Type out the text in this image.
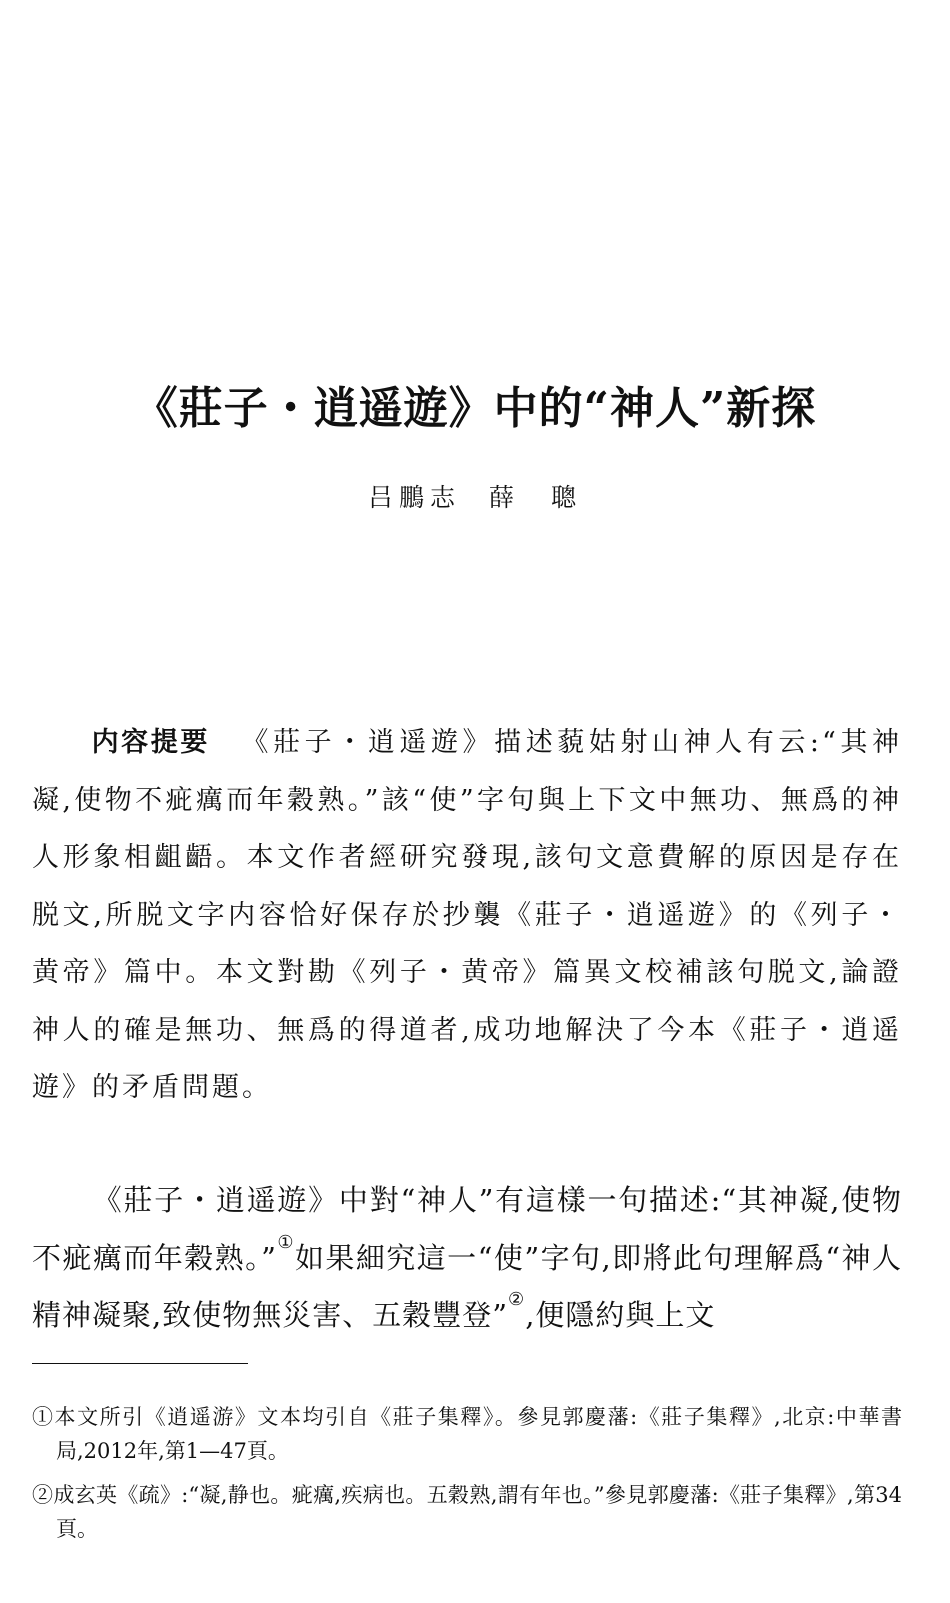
《莊子・逍遥遊》中的“神人”新探
吕鵬志 薛　聰

内容提要 《莊子・逍遥遊》描述藐姑射山神人有云:“其神凝,使物不疵癘而年穀熟。”該“使”字句與上下文中無功、無爲的神人形象相齟齬。本文作者經研究發現,該句文意費解的原因是存在脱文,所脱文字内容恰好保存於抄襲《莊子・逍遥遊》的《列子・黄帝》篇中。本文對勘《列子・黄帝》篇異文校補該句脱文,論證神人的確是無功、無爲的得道者,成功地解決了今本《莊子・逍遥遊》的矛盾問題。

《莊子・逍遥遊》中對“神人”有這樣一句描述:“其神凝,使物不疵癘而年穀熟。”①如果細究這一“使”字句,即將此句理解爲“神人精神凝聚,致使物無災害、五穀豐登”②,便隱約與上文

①本文所引《逍遥游》文本均引自《莊子集釋》。參見郭慶藩:《莊子集釋》,北京:中華書局,2012年,第1—47頁。

②成玄英《疏》:“凝,静也。疵癘,疾病也。五穀熟,謂有年也。”參見郭慶藩:《莊子集釋》,第34頁。
